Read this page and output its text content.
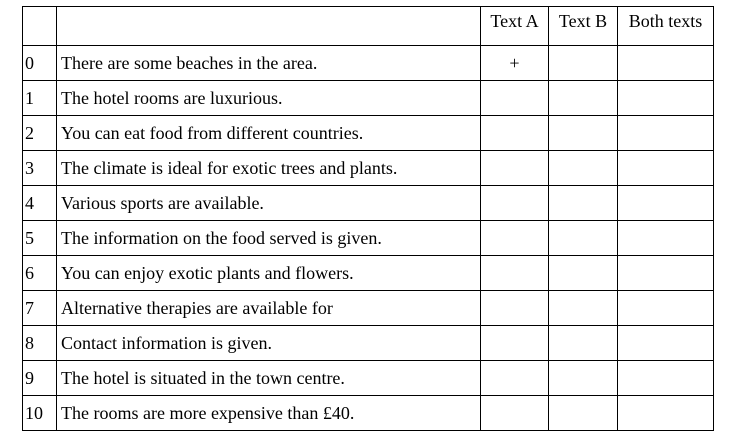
		Text A	Text B	Both texts
0	There are some beaches in the area.	+		
1	The hotel rooms are luxurious.			
2	You can eat food from different countries.			
3	The climate is ideal for exotic trees and plants.			
4	Various sports are available.			
5	The information on the food served is given.			
6	You can enjoy exotic plants and flowers.			
7	Alternative therapies are available for			
8	Contact information is given.			
9	The hotel is situated in the town centre.			
10	The rooms are more expensive than £40.			
